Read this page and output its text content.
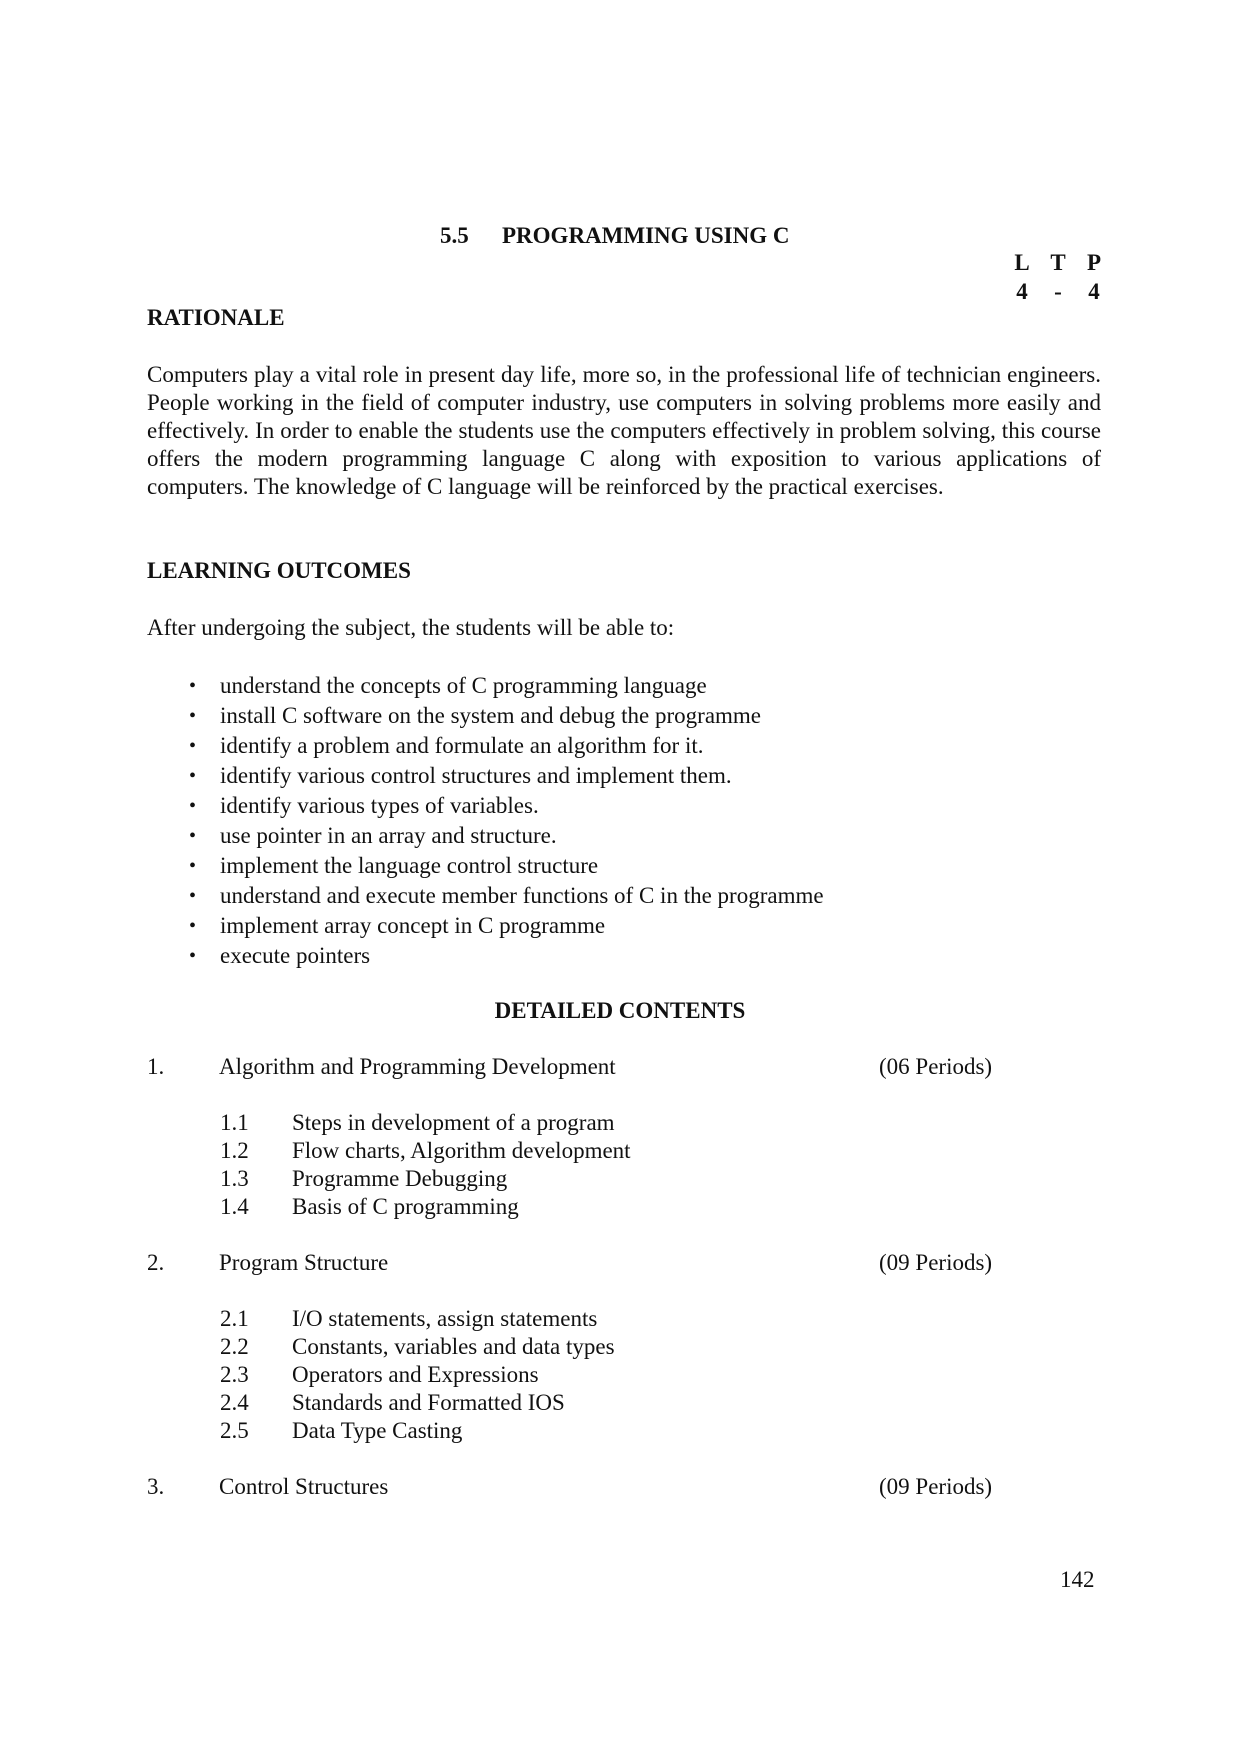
5.5 PROGRAMMING USING C
L T P
4 - 4
RATIONALE
Computers play a vital role in present day life, more so, in the professional life of technician engineers. People working in the field of computer industry, use computers in solving problems more easily and effectively. In order to enable the students use the computers effectively in problem solving, this course offers the modern programming language C along with exposition to various applications of computers. The knowledge of C language will be reinforced by the practical exercises.
LEARNING OUTCOMES
After undergoing the subject, the students will be able to:
• understand the concepts of C programming language
• install C software on the system and debug the programme
• identify a problem and formulate an algorithm for it.
• identify various control structures and implement them.
• identify various types of variables.
• use pointer in an array and structure.
• implement the language control structure
• understand and execute member functions of C in the programme
• implement array concept in C programme
• execute pointers
DETAILED CONTENTS
1. Algorithm and Programming Development	(06 Periods)
1.1 Steps in development of a program
1.2 Flow charts, Algorithm development
1.3 Programme Debugging
1.4 Basis of C programming
2. Program Structure	(09 Periods)
2.1 I/O statements, assign statements
2.2 Constants, variables and data types
2.3 Operators and Expressions
2.4 Standards and Formatted IOS
2.5 Data Type Casting
3. Control Structures	(09 Periods)
142
